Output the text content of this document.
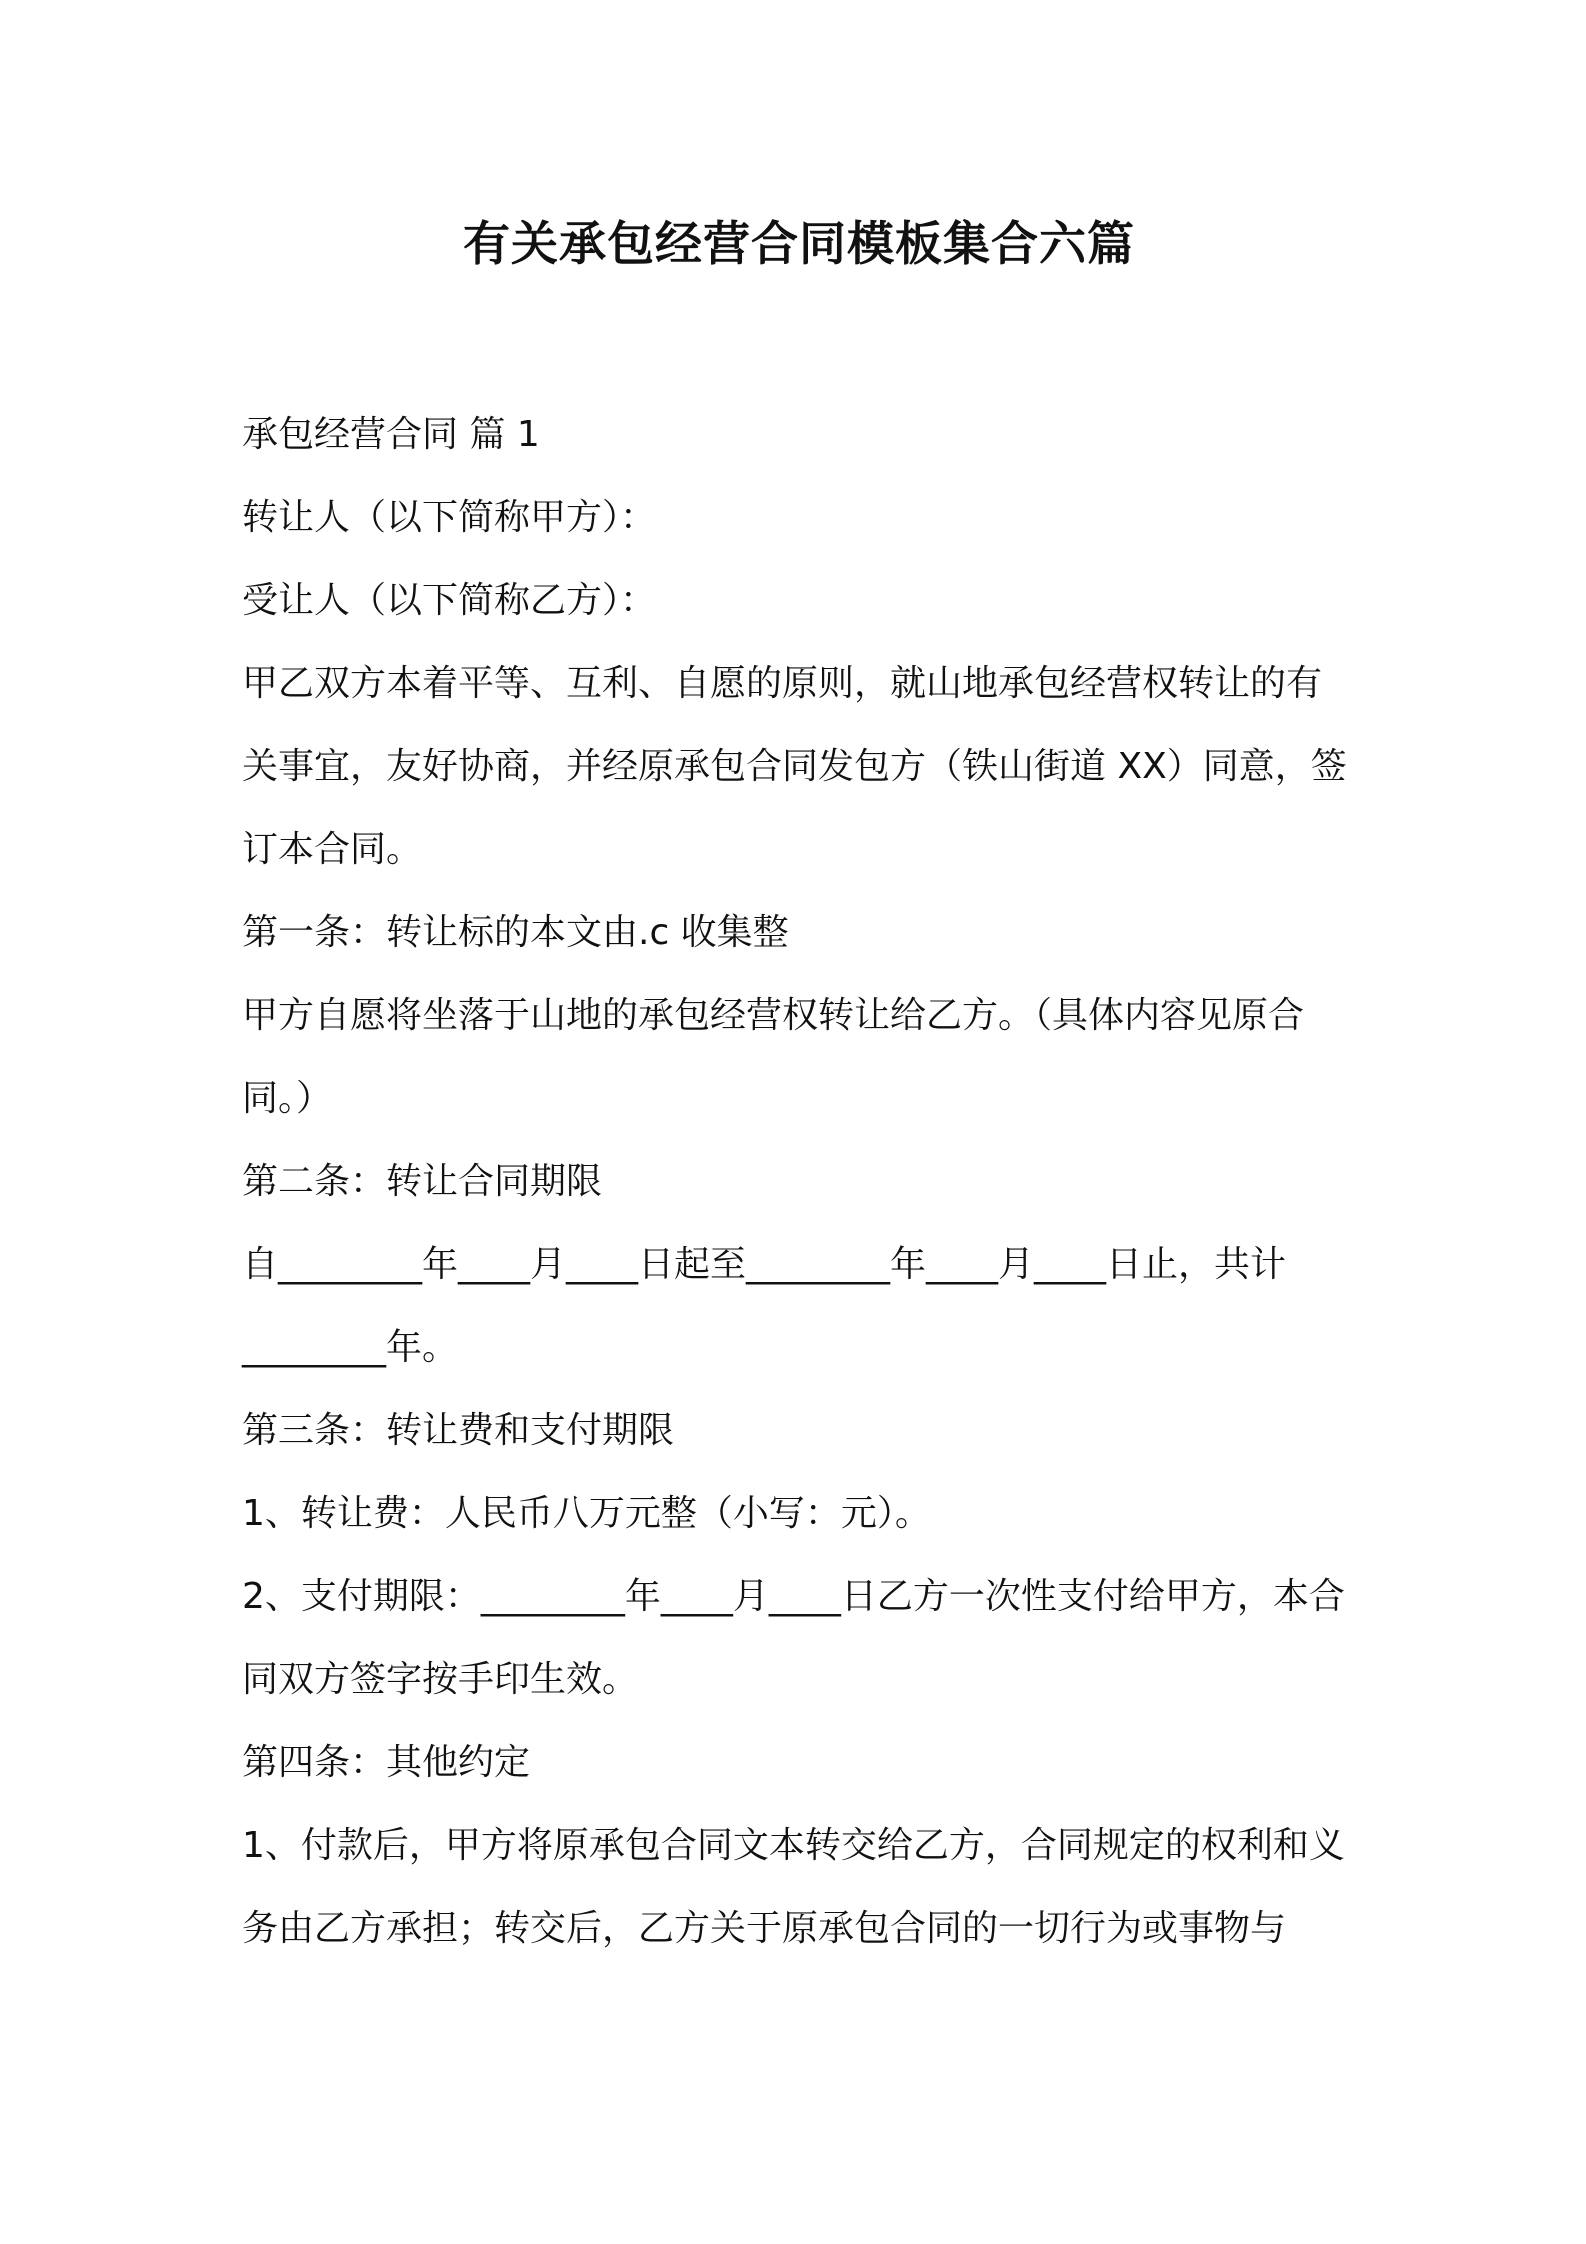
有关承包经营合同模板集合六篇

承包经营合同 篇 1

转让人（以下简称甲方）：

受让人（以下简称乙方）：

甲乙双方本着平等、互利、自愿的原则，就山地承包经营权转让的有关事宜，友好协商，并经原承包合同发包方（铁山街道 XX）同意，签订本合同。

第一条：转让标的本文由.c 收集整

甲方自愿将坐落于山地的承包经营权转让给乙方。（具体内容见原合同。）

第二条：转让合同期限

自________年____月____日起至________年____月____日止，共计________年。

第三条：转让费和支付期限

1、转让费：人民币八万元整（小写：元）。

2、支付期限：________年____月____日乙方一次性支付给甲方，本合同双方签字按手印生效。

第四条：其他约定

1、付款后，甲方将原承包合同文本转交给乙方，合同规定的权利和义务由乙方承担；转交后，乙方关于原承包合同的一切行为或事物与
